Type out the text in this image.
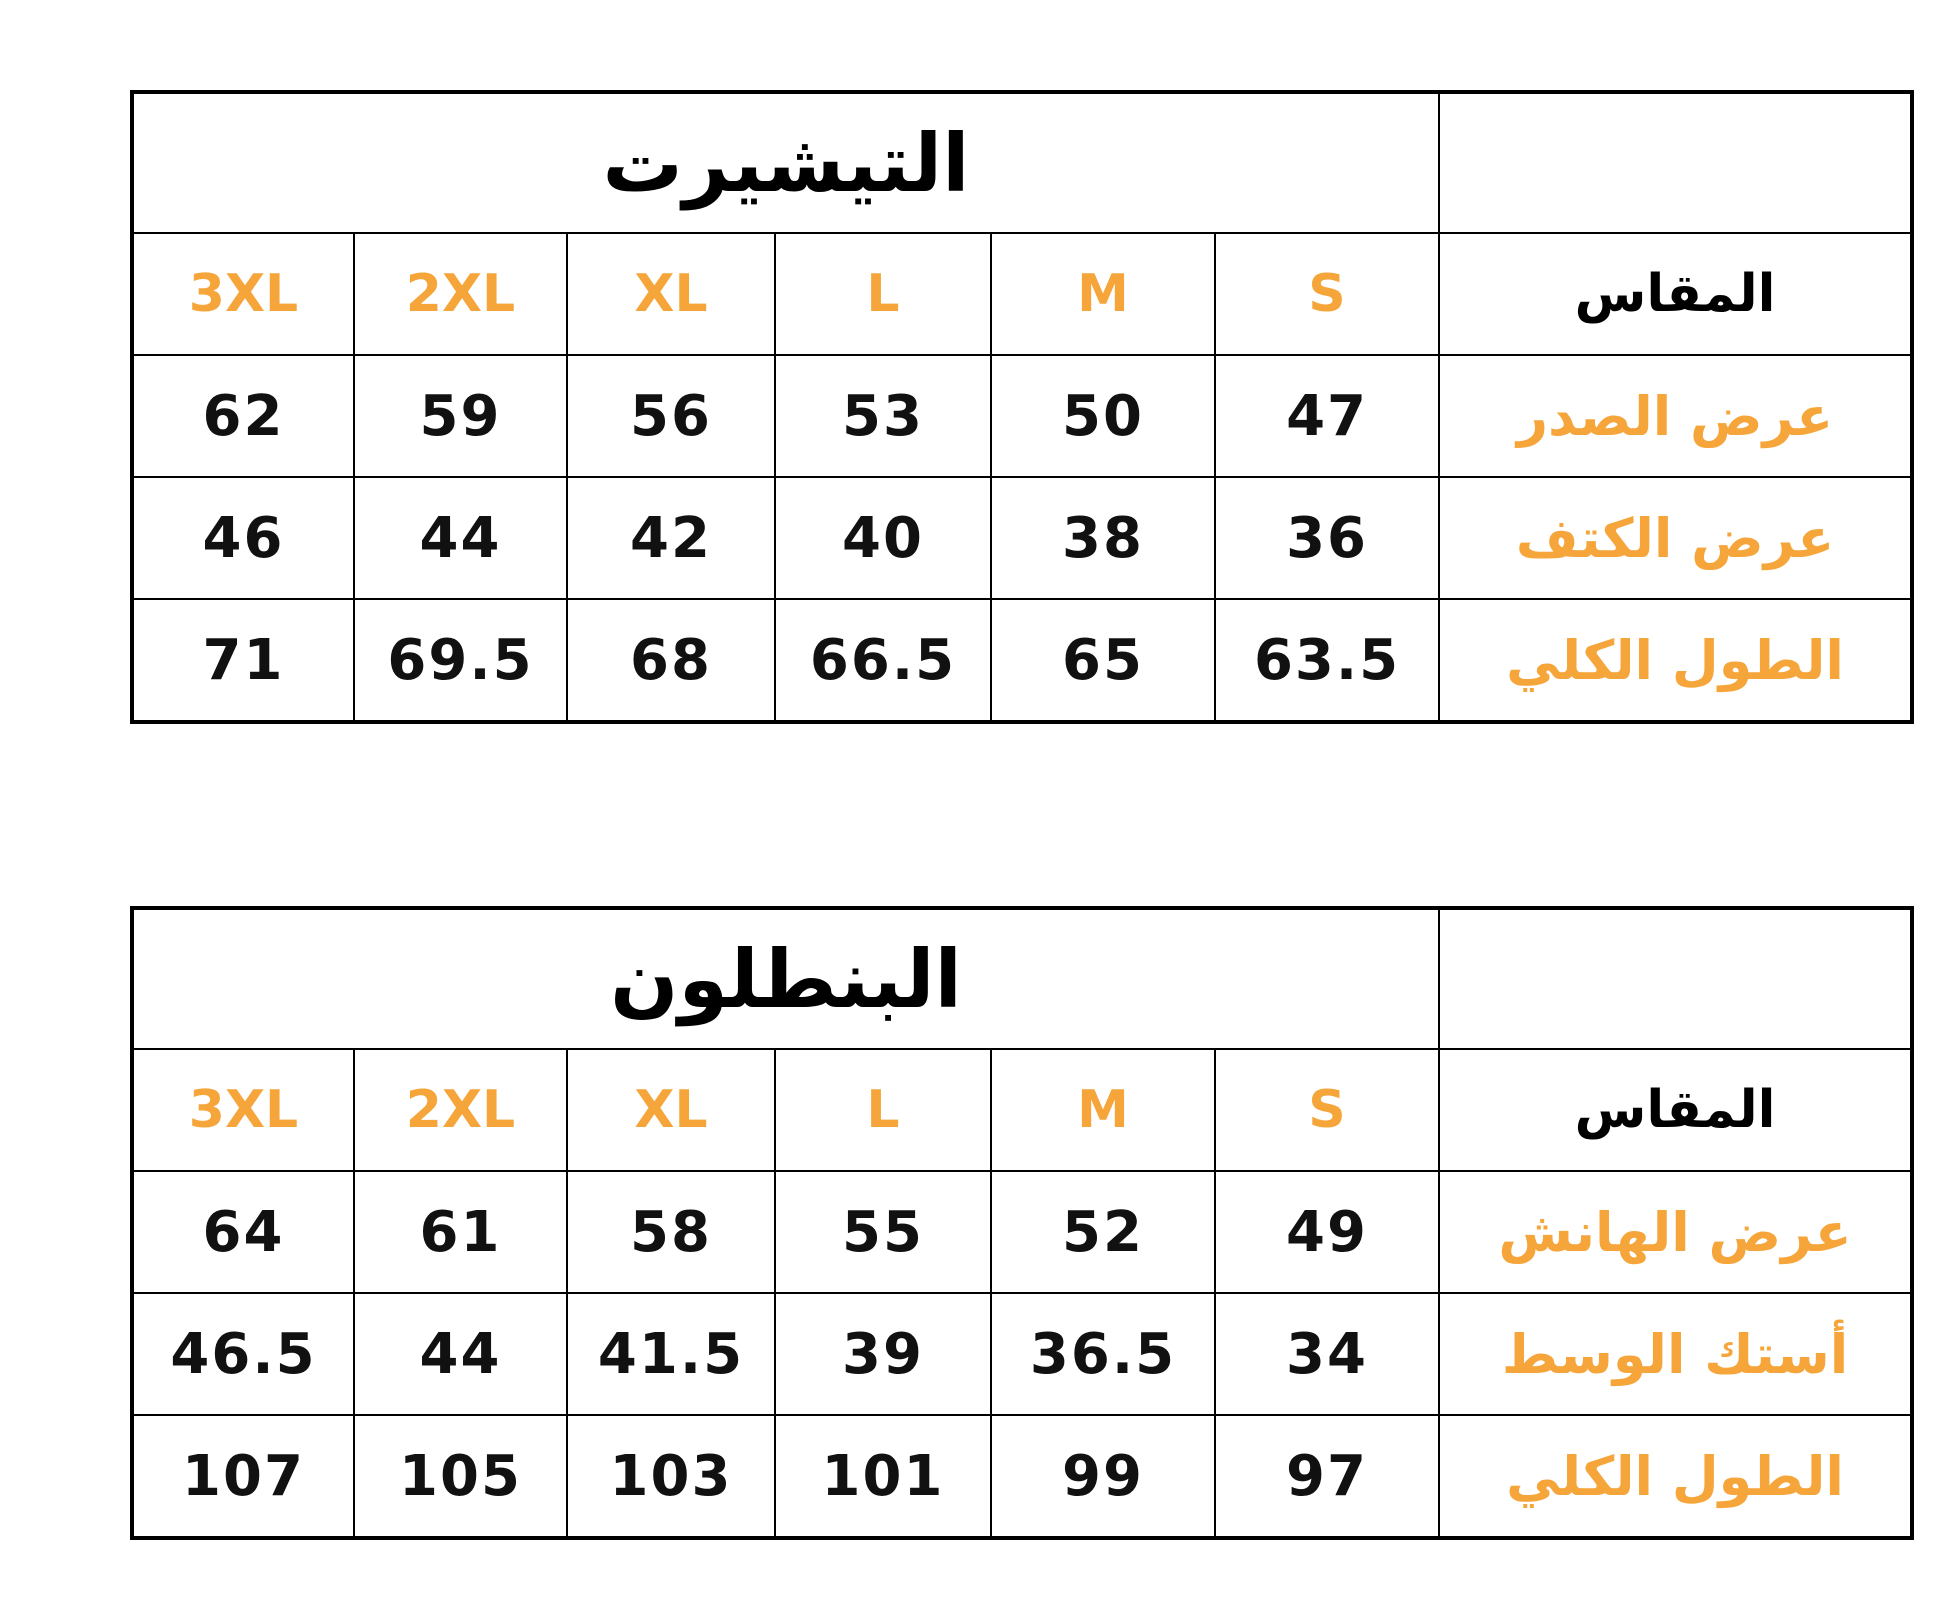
التيشيرت						
3XL	2XL	XL	L	M	S	المقاس
62	59	56	53	50	47	عرض الصدر
46	44	42	40	38	36	عرض الكتف
71	69.5	68	66.5	65	63.5	الطول الكلي
البنطلون						
3XL	2XL	XL	L	M	S	المقاس
64	61	58	55	52	49	عرض الهانش
46.5	44	41.5	39	36.5	34	أستك الوسط
107	105	103	101	99	97	الطول الكلي
